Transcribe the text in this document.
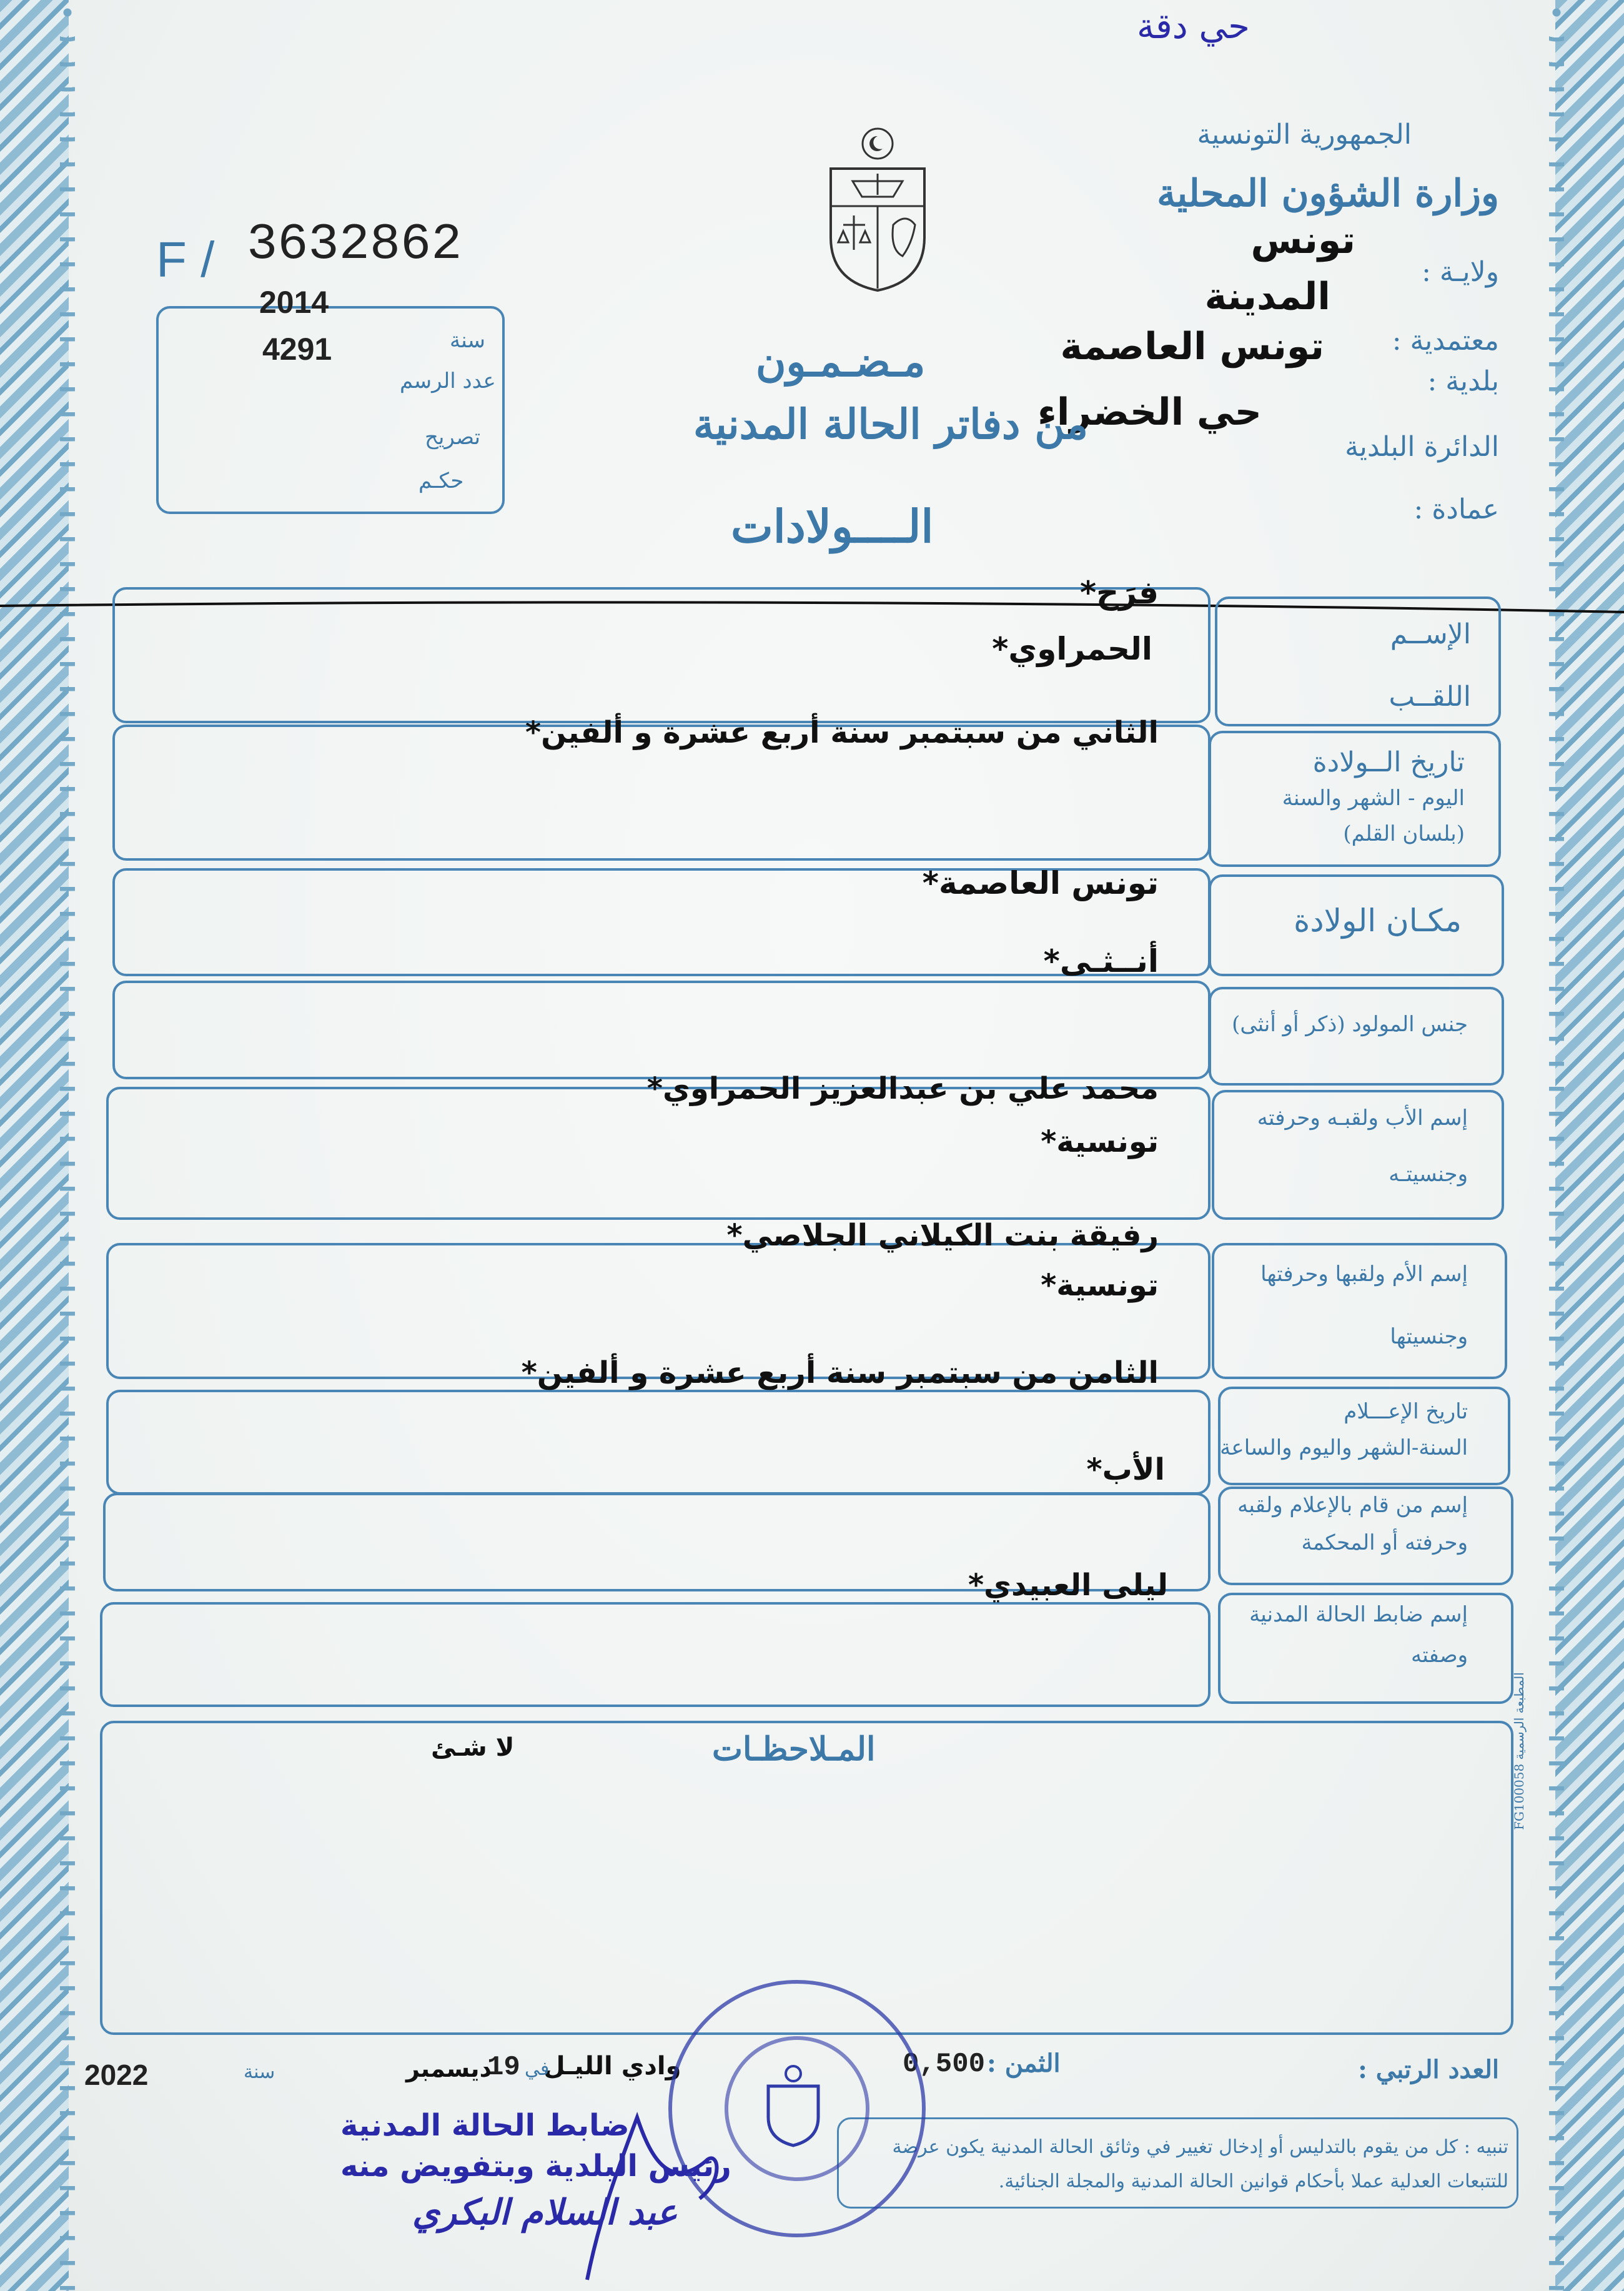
حي دقة
الجمهورية التونسية
وزارة الشؤون المحلية
ولايـة :
تونس
معتمدية :
المدينة
بلدية :
تونس العاصمة
الدائرة البلدية
حي الخضراء
عمادة :
F / 3632862
سنة
2014
عدد الرسم
4291
تصريح
حكـم
مـضـمـون
من دفاتر الحالة المدنية
الــــولادات
الإســم
اللقــب
فرَح*
الحمراوي*
تاريخ الــولادة
اليوم - الشهر والسنة
(بلسان القلم)
الثاني من سبتمبر سنة أربع عشرة و ألفين*
مكـان الولادة
تونس العاصمة*
أنــثـى*
جنس المولود (ذكر أو أنثى)
إسم الأب ولقبـه وحرفته
وجنسيتـه
محمد علي بن عبدالعزيز الحمراوي*
تونسية*
إسم الأم ولقبها وحرفتها
وجنسيتها
رفيقة بنت الكيلاني الجلاصي*
تونسية*
تاريخ الإعـــلام
السنة-الشهر واليوم والساعة
الثامن من سبتمبر سنة أربع عشرة و ألفين*
إسم من قام بالإعلام ولقبه
وحرفته أو المحكمة
الأب*
إسم ضابط الحالة المدنية
وصفته
ليلى العبيدي*
المـلاحظـات
لا شـئ
المطبعة الرسمية FG100058
العدد الرتبي :
الثمن :
0,500
وادي الليـل
في
19
ديسمبر
سنة
2022
تنبيه : كل من يقوم بالتدليس أو إدخال تغيير في وثائق الحالة المدنية يكون عرضة
للتتبعات العدلية عملا بأحكام قوانين الحالة المدنية والمجلة الجنائية.
ضابط الحالة المدنية
رئيس البلدية وبتفويض منه
عبد السلام البكري
